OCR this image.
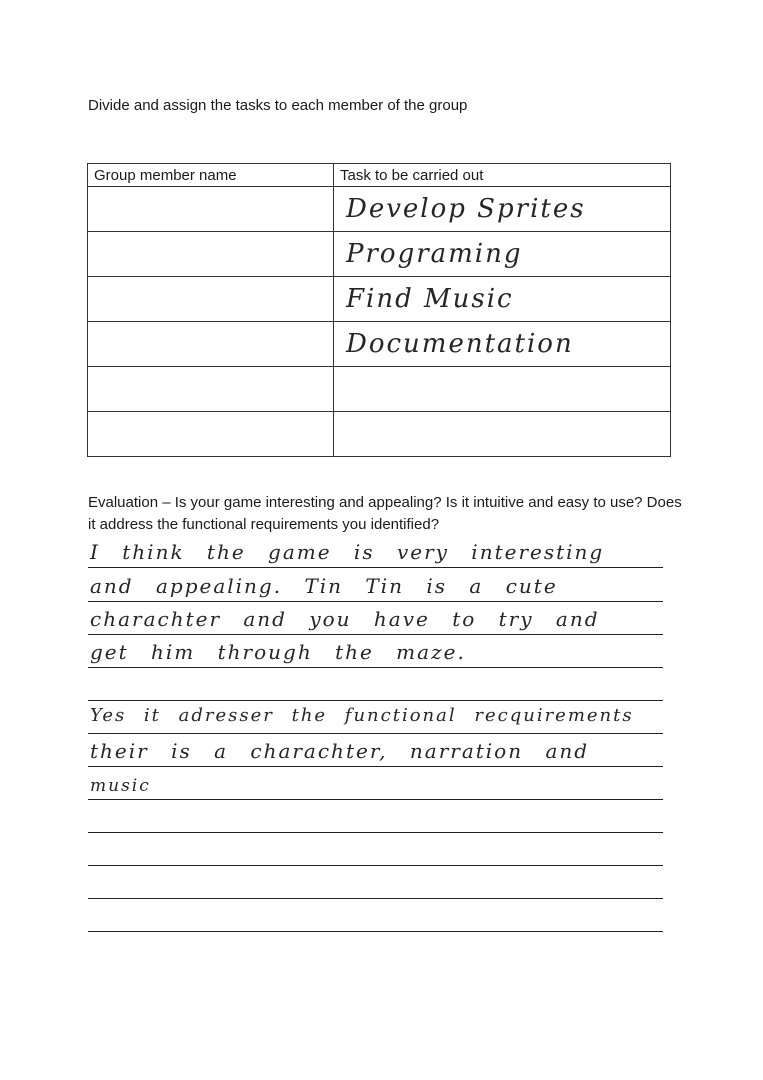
Divide and assign the tasks to each member of the group
Group member name	Task to be carried out
	Develop Sprites
	Programing
	Find Music
	Documentation

Evaluation – Is your game interesting and appealing? Is it intuitive and easy to use? Does it address the functional requirements you identified?
I think the game is very interesting
and appealing. Tin Tin is a cute
charachter and you have to try and
get him through the maze.
Yes it adresser the functional recquirements
their is a charachter, narration and
music
